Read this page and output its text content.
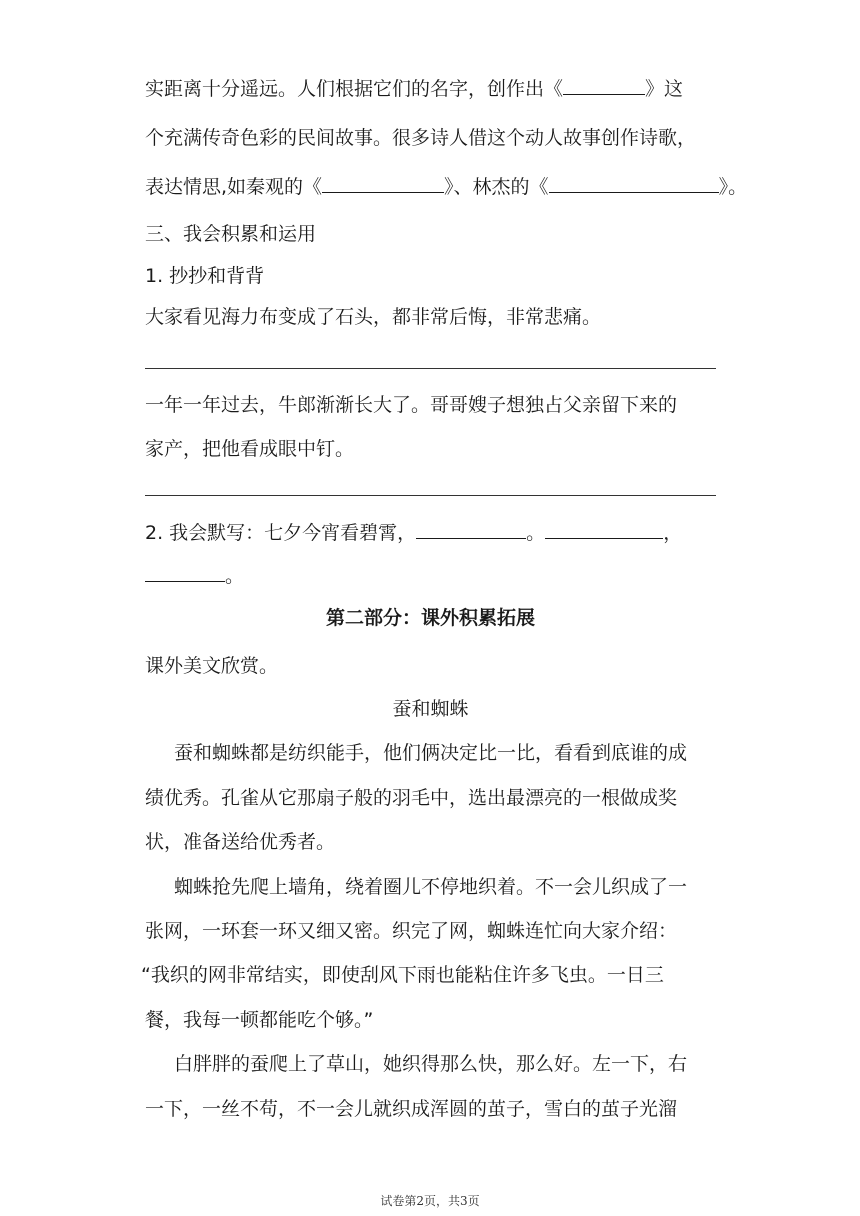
实距离十分遥远。人们根据它们的名字，创作出《	》这
个充满传奇色彩的民间故事。很多诗人借这个动人故事创作诗歌，
表达情思,如秦观的《	》、林杰的《	》。
三、我会积累和运用
1. 抄抄和背背
大家看见海力布变成了石头，都非常后悔，非常悲痛。
一年一年过去，牛郎渐渐长大了。哥哥嫂子想独占父亲留下来的
家产，把他看成眼中钉。
2. 我会默写：七夕今宵看碧霄，	。	，
。
第二部分：课外积累拓展
课外美文欣赏。
蚕和蜘蛛
蚕和蜘蛛都是纺织能手，他们俩决定比一比，看看到底谁的成
绩优秀。孔雀从它那扇子般的羽毛中，选出最漂亮的一根做成奖
状，准备送给优秀者。
蜘蛛抢先爬上墙角，绕着圈儿不停地织着。不一会儿织成了一
张网，一环套一环又细又密。织完了网，蜘蛛连忙向大家介绍：
“我织的网非常结实，即使刮风下雨也能粘住许多飞虫。一日三
餐，我每一顿都能吃个够。”
白胖胖的蚕爬上了草山，她织得那么快，那么好。左一下，右
一下，一丝不苟，不一会儿就织成浑圆的茧子，雪白的茧子光溜
试卷第2页，共3页
